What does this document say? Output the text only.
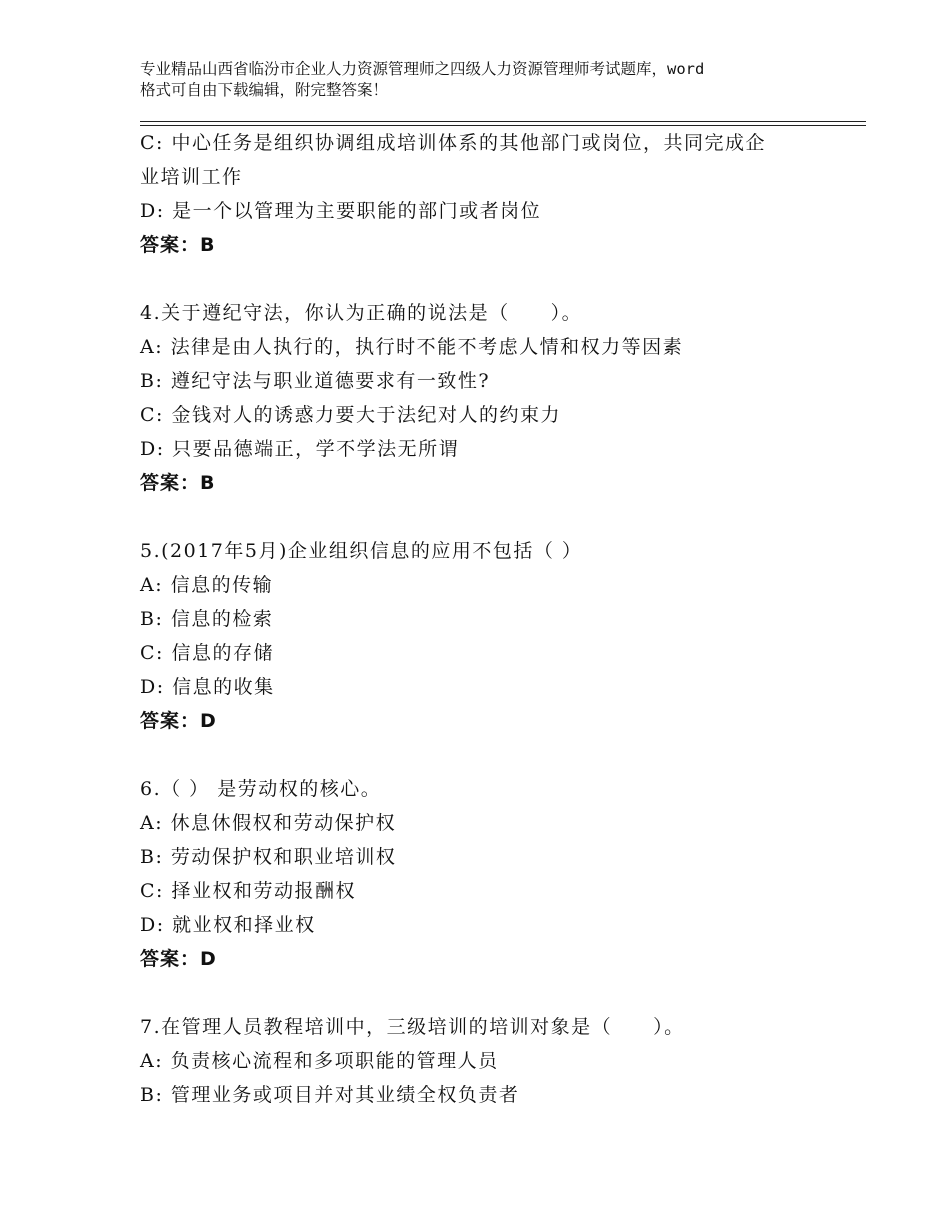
专业精品山西省临汾市企业人力资源管理师之四级人力资源管理师考试题库，word
格式可自由下载编辑，附完整答案！
C: 中心任务是组织协调组成培训体系的其他部门或岗位，共同完成企
业培训工作
D: 是一个以管理为主要职能的部门或者岗位
答案：B
4.关于遵纪守法，你认为正确的说法是（　　）。
A: 法律是由人执行的，执行时不能不考虑人情和权力等因素
B: 遵纪守法与职业道德要求有一致性?
C: 金钱对人的诱惑力要大于法纪对人的约束力
D: 只要品德端正，学不学法无所谓
答案：B
5.(2017年5月)企业组织信息的应用不包括（ ）
A: 信息的传输
B: 信息的检索
C: 信息的存储
D: 信息的收集
答案：D
6.（ ） 是劳动权的核心。
A: 休息休假权和劳动保护权
B: 劳动保护权和职业培训权
C: 择业权和劳动报酬权
D: 就业权和择业权
答案：D
7.在管理人员教程培训中，三级培训的培训对象是（　　）。
A: 负责核心流程和多项职能的管理人员
B: 管理业务或项目并对其业绩全权负责者
